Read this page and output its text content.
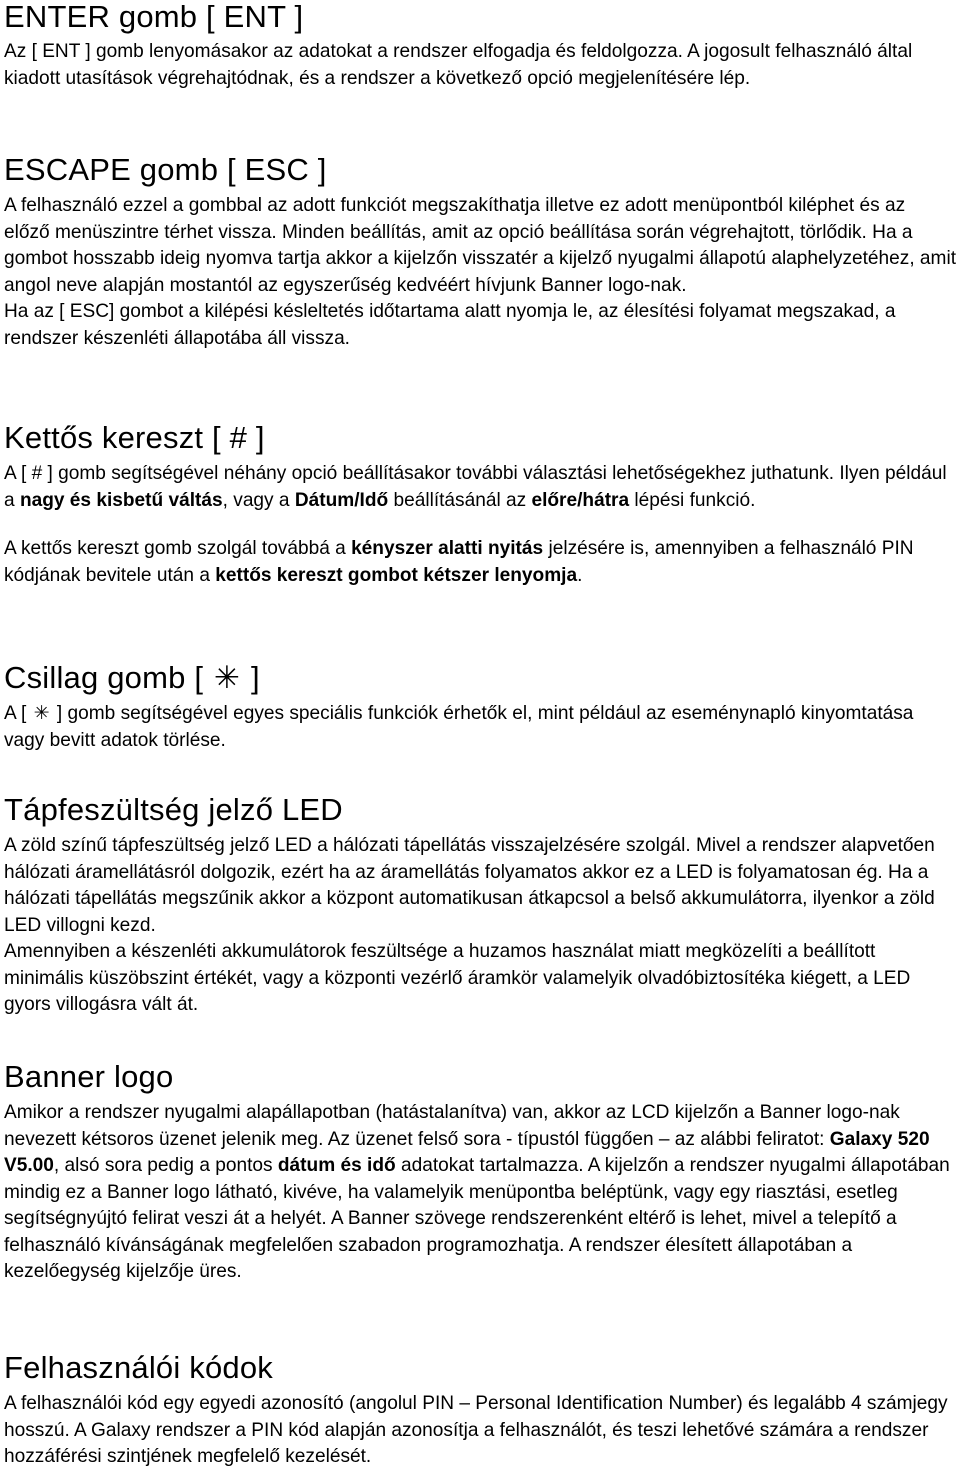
ENTER gomb [ ENT ]

Az [ ENT ] gomb lenyomásakor az adatokat a rendszer elfogadja és feldolgozza. A jogosult felhasználó által kiadott utasítások végrehajtódnak, és a rendszer a következő opció megjelenítésére lép.

ESCAPE gomb [ ESC ]

A felhasználó ezzel a gombbal az adott funkciót megszakíthatja illetve ez adott menüpontból kiléphet és az előző menüszintre térhet vissza. Minden beállítás, amit az opció beállítása során végrehajtott, törlődik. Ha a gombot hosszabb ideig nyomva tartja akkor a kijelzőn visszatér a kijelző nyugalmi állapotú alaphelyzetéhez, amit angol neve alapján mostantól az egyszerűség kedvéért hívjunk Banner logo-nak.

Ha az [ ESC] gombot a kilépési késleltetés időtartama alatt nyomja le, az élesítési folyamat megszakad, a rendszer készenléti állapotába áll vissza.

Kettős kereszt [ # ]

A [ # ] gomb segítségével néhány opció beállításakor további választási lehetőségekhez juthatunk. Ilyen például a nagy és kisbetű váltás, vagy a Dátum/Idő beállításánál az előre/hátra lépési funkció.

A kettős kereszt gomb szolgál továbbá a kényszer alatti nyitás jelzésére is, amennyiben a felhasználó PIN kódjának bevitele után a kettős kereszt gombot kétszer lenyomja.

Csillag gomb [ ✳ ]

A [ ✳ ] gomb segítségével egyes speciális funkciók érhetők el, mint például az eseménynapló kinyomtatása vagy bevitt adatok törlése.

Tápfeszültség jelző LED

A zöld színű tápfeszültség jelző LED a hálózati tápellátás visszajelzésére szolgál. Mivel a rendszer alapvetően hálózati áramellátásról dolgozik, ezért ha az áramellátás folyamatos akkor ez a LED is folyamatosan ég. Ha a hálózati tápellátás megszűnik akkor a központ automatikusan átkapcsol a belső akkumulátorra, ilyenkor a zöld LED villogni kezd.

Amennyiben a készenléti akkumulátorok feszültsége a huzamos használat miatt megközelíti a beállított minimális küszöbszint értékét, vagy a központi vezérlő áramkör valamelyik olvadóbiztosítéka kiégett, a LED gyors villogásra vált át.

Banner logo

Amikor a rendszer nyugalmi alapállapotban (hatástalanítva) van, akkor az LCD kijelzőn a Banner logo-nak nevezett kétsoros üzenet jelenik meg. Az üzenet felső sora - típustól függően – az alábbi feliratot: Galaxy 520 V5.00, alsó sora pedig a pontos dátum és idő adatokat tartalmazza. A kijelzőn a rendszer nyugalmi állapotában mindig ez a Banner logo látható, kivéve, ha valamelyik menüpontba beléptünk, vagy egy riasztási, esetleg segítségnyújtó felirat veszi át a helyét. A Banner szövege rendszerenként eltérő is lehet, mivel a telepítő a felhasználó kívánságának megfelelően szabadon programozhatja. A rendszer élesített állapotában a kezelőegység kijelzője üres.

Felhasználói kódok

A felhasználói kód egy egyedi azonosító (angolul PIN – Personal Identification Number) és legalább 4 számjegy hosszú. A Galaxy rendszer a PIN kód alapján azonosítja a felhasználót, és teszi lehetővé számára a rendszer hozzáférési szintjének megfelelő kezelését.
